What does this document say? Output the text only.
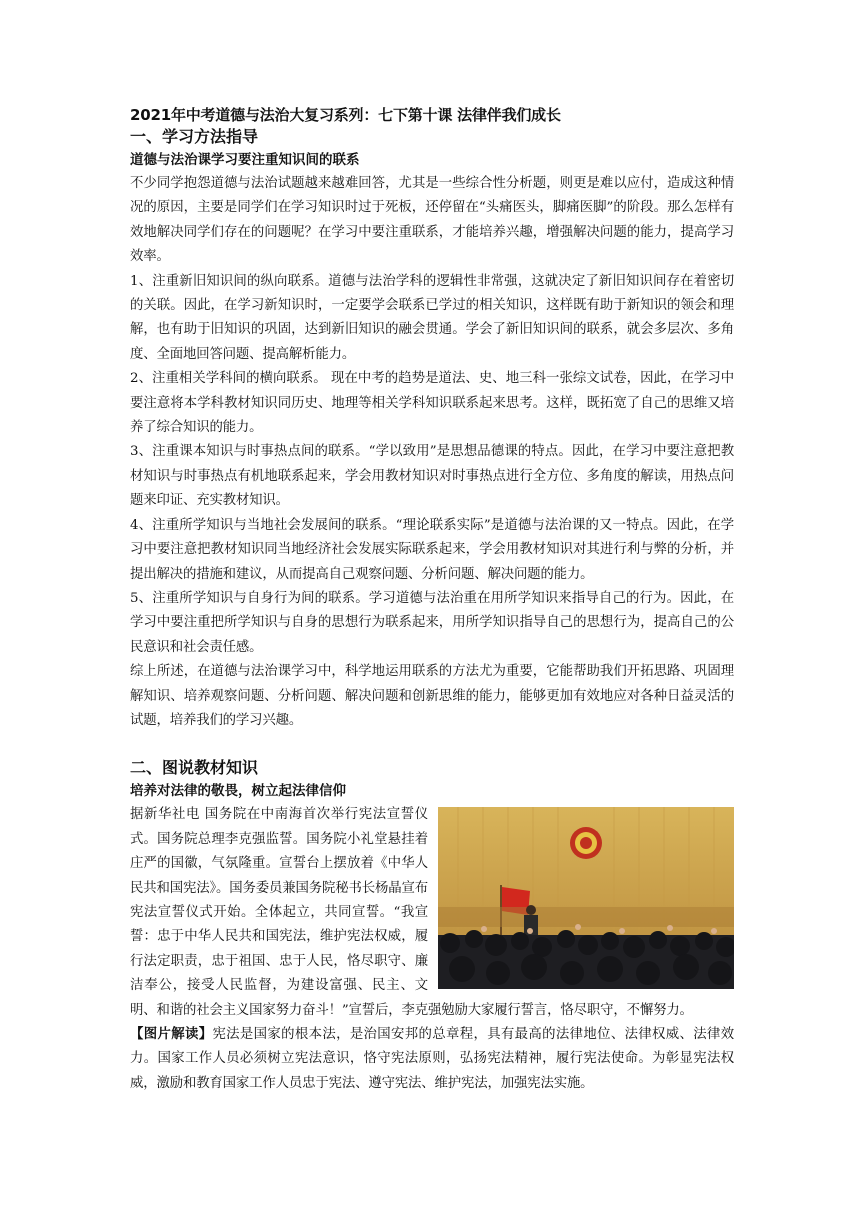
2021年中考道德与法治大复习系列：七下第十课 法律伴我们成长
一、学习方法指导
道德与法治课学习要注重知识间的联系

不少同学抱怨道德与法治试题越来越难回答，尤其是一些综合性分析题，则更是难以应付，造成这种情况的原因，主要是同学们在学习知识时过于死板，还停留在“头痛医头，脚痛医脚”的阶段。那么怎样有效地解决同学们存在的问题呢？在学习中要注重联系，才能培养兴趣，增强解决问题的能力，提高学习效率。

1、注重新旧知识间的纵向联系。道德与法治学科的逻辑性非常强，这就决定了新旧知识间存在着密切的关联。因此，在学习新知识时，一定要学会联系已学过的相关知识，这样既有助于新知识的领会和理解，也有助于旧知识的巩固，达到新旧知识的融会贯通。学会了新旧知识间的联系，就会多层次、多角度、全面地回答问题、提高解析能力。

2、注重相关学科间的横向联系。 现在中考的趋势是道法、史、地三科一张综文试卷，因此，在学习中要注意将本学科教材知识同历史、地理等相关学科知识联系起来思考。这样，既拓宽了自己的思维又培养了综合知识的能力。

3、注重课本知识与时事热点间的联系。“学以致用”是思想品德课的特点。因此，在学习中要注意把教材知识与时事热点有机地联系起来，学会用教材知识对时事热点进行全方位、多角度的解读，用热点问题来印证、充实教材知识。

4、注重所学知识与当地社会发展间的联系。“理论联系实际”是道德与法治课的又一特点。因此，在学习中要注意把教材知识同当地经济社会发展实际联系起来，学会用教材知识对其进行利与弊的分析，并提出解决的措施和建议，从而提高自己观察问题、分析问题、解决问题的能力。

5、注重所学知识与自身行为间的联系。学习道德与法治重在用所学知识来指导自己的行为。因此，在学习中要注重把所学知识与自身的思想行为联系起来，用所学知识指导自己的思想行为，提高自己的公民意识和社会责任感。

综上所述，在道德与法治课学习中，科学地运用联系的方法尤为重要，它能帮助我们开拓思路、巩固理解知识、培养观察问题、分析问题、解决问题和创新思维的能力，能够更加有效地应对各种日益灵活的试题，培养我们的学习兴趣。

二、图说教材知识
培养对法律的敬畏，树立起法律信仰

据新华社电 国务院在中南海首次举行宪法宣誓仪式。国务院总理李克强监誓。国务院小礼堂悬挂着庄严的国徽，气氛隆重。宣誓台上摆放着《中华人民共和国宪法》。国务委员兼国务院秘书长杨晶宣布宪法宣誓仪式开始。全体起立，共同宣誓。“我宣誓：忠于中华人民共和国宪法，维护宪法权威，履行法定职责，忠于祖国、忠于人民，恪尽职守、廉洁奉公，接受人民监督，为建设富强、民主、文明、和谐的社会主义国家努力奋斗！”宣誓后，李克强勉励大家履行誓言，恪尽职守，不懈努力。

【图片解读】宪法是国家的根本法，是治国安邦的总章程，具有最高的法律地位、法律权威、法律效力。国家工作人员必须树立宪法意识，恪守宪法原则，弘扬宪法精神，履行宪法使命。为彰显宪法权威，激励和教育国家工作人员忠于宪法、遵守宪法、维护宪法，加强宪法实施。
